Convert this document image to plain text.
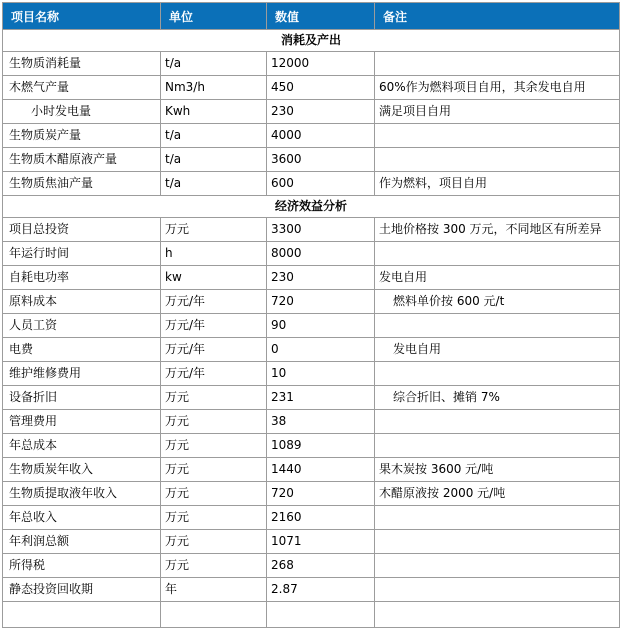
项目名称	单位	数值	备注
消耗及产出			
生物质消耗量	t/a	12000	
木燃气产量	Nm3/h	450	60%作为燃料项目自用，其余发电自用
小时发电量	Kwh	230	满足项目自用
生物质炭产量	t/a	4000	
生物质木醋原液产量	t/a	3600	
生物质焦油产量	t/a	600	作为燃料，项目自用
经济效益分析			
项目总投资	万元	3300	土地价格按 300 万元，不同地区有所差异
年运行时间	h	8000	
自耗电功率	kw	230	发电自用
原料成本	万元/年	720	燃料单价按 600 元/t
人员工资	万元/年	90	
电费	万元/年	0	发电自用
维护维修费用	万元/年	10	
设备折旧	万元	231	综合折旧、摊销 7%
管理费用	万元	38	
年总成本	万元	1089	
生物质炭年收入	万元	1440	果木炭按 3600 元/吨
生物质提取液年收入	万元	720	木醋原液按 2000 元/吨
年总收入	万元	2160	
年利润总额	万元	1071	
所得税	万元	268	
静态投资回收期	年	2.87	
